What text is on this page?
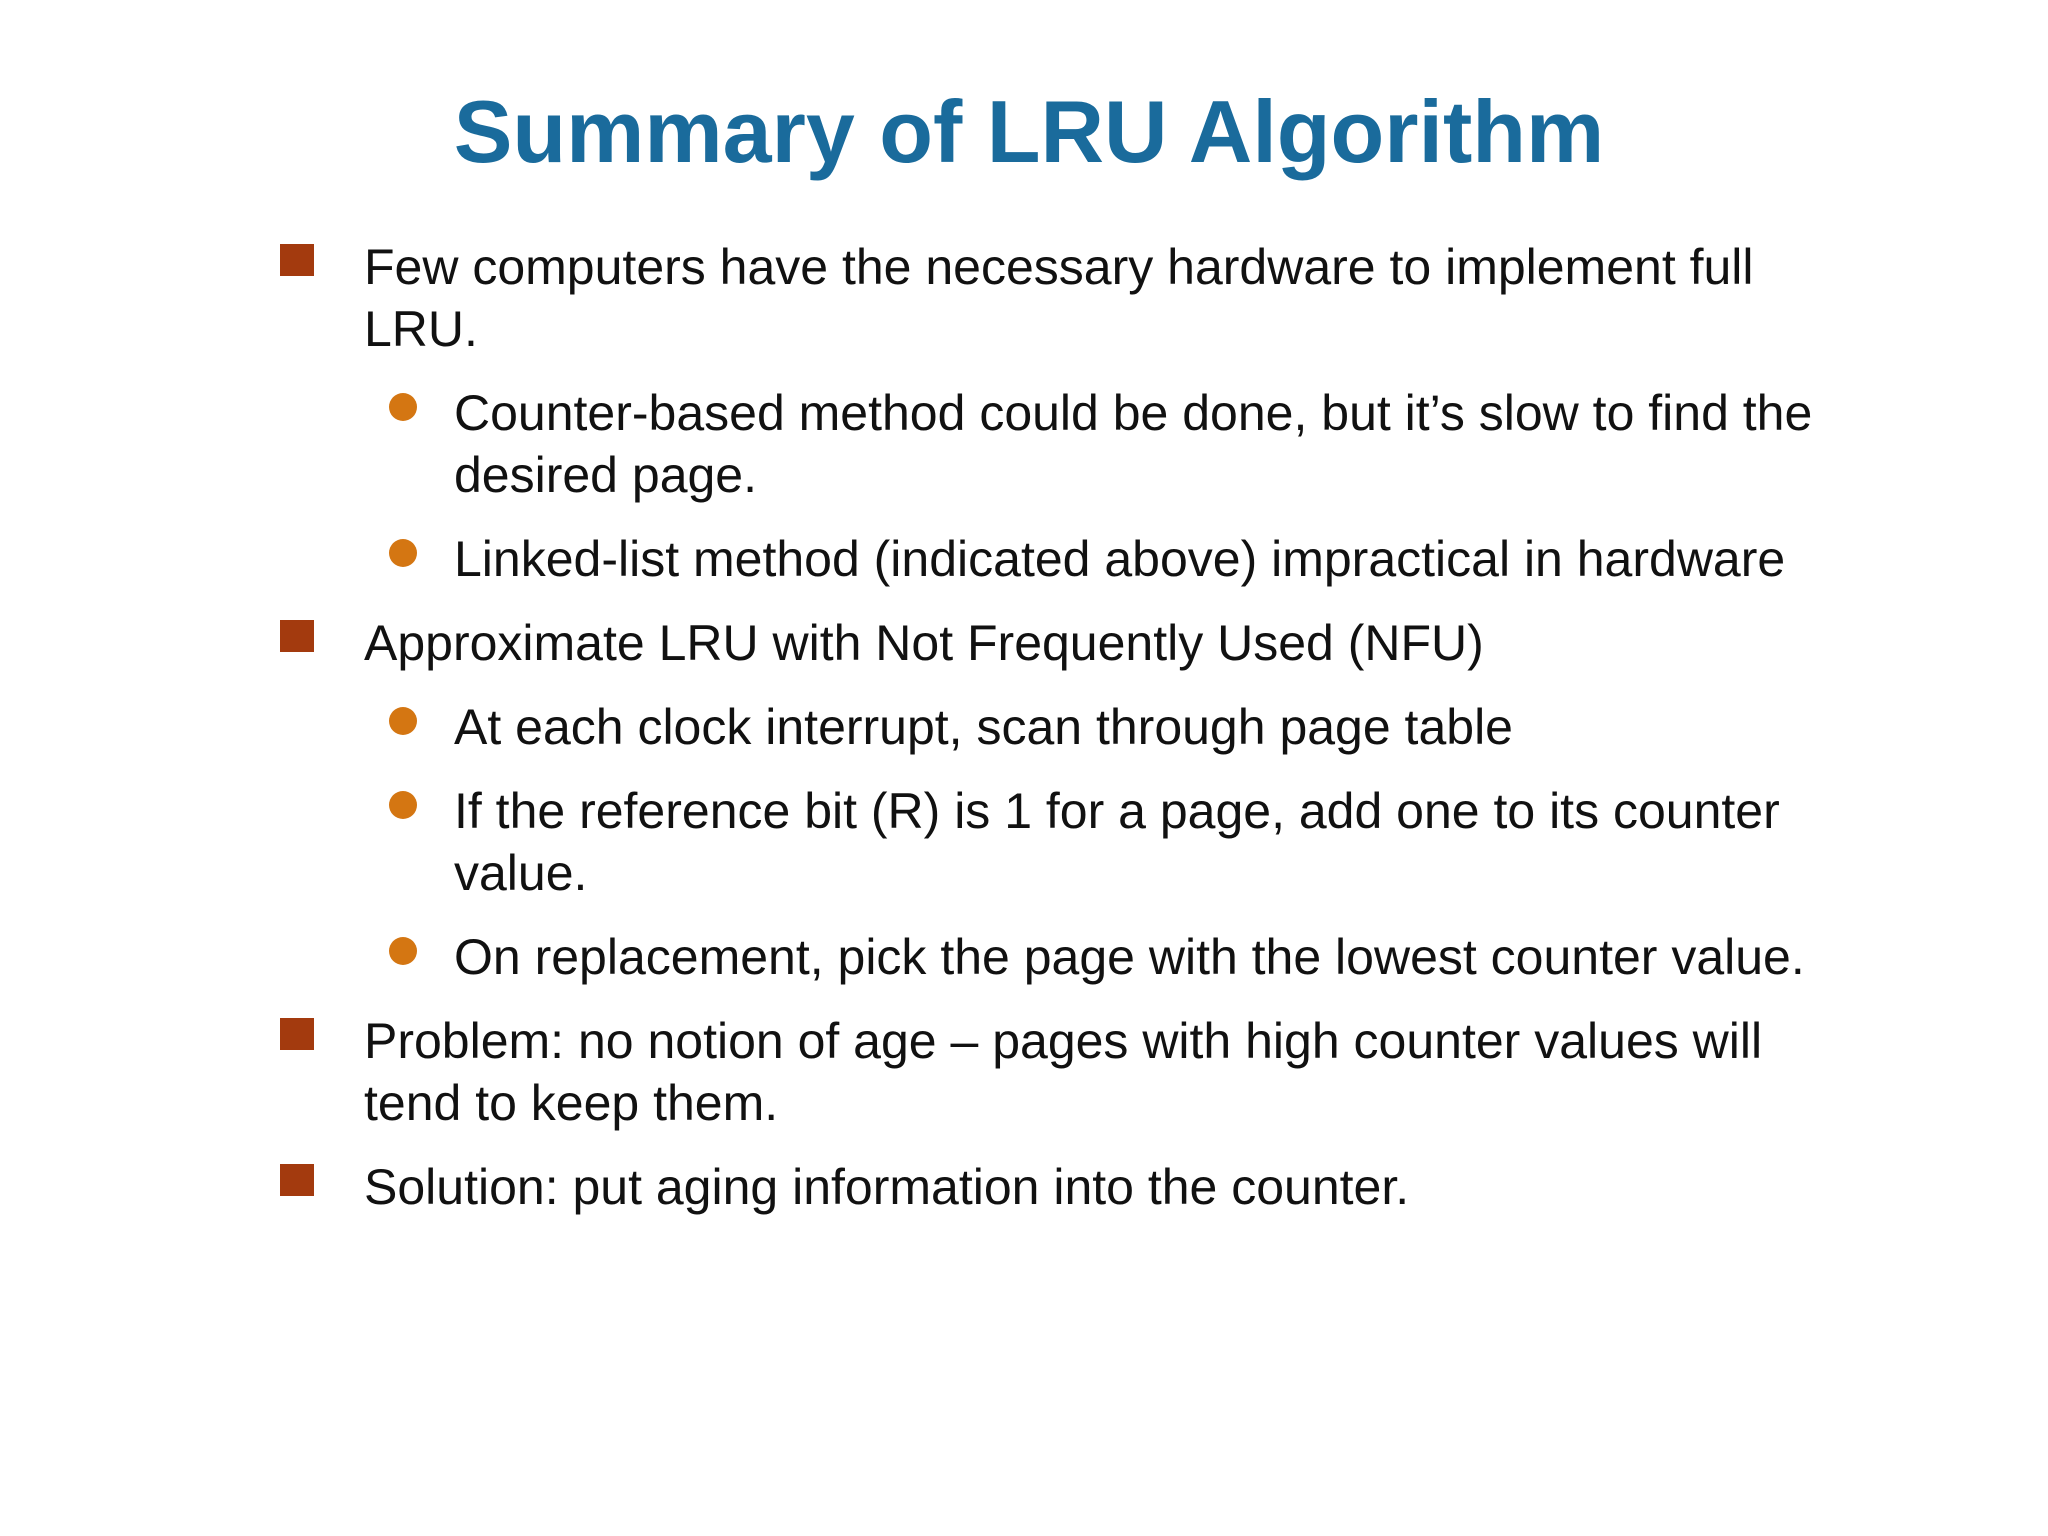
Summary of LRU Algorithm
Few computers have the necessary hardware to implement full LRU.
Counter-based method could be done, but it’s slow to find the desired page.
Linked-list method (indicated above) impractical in hardware
Approximate LRU with Not Frequently Used (NFU)
At each clock interrupt, scan through page table
If the reference bit (R) is 1 for a page, add one to its counter value.
On replacement, pick the page with the lowest counter value.
Problem: no notion of age – pages with high counter values will tend to keep them.
Solution: put aging information into the counter.
